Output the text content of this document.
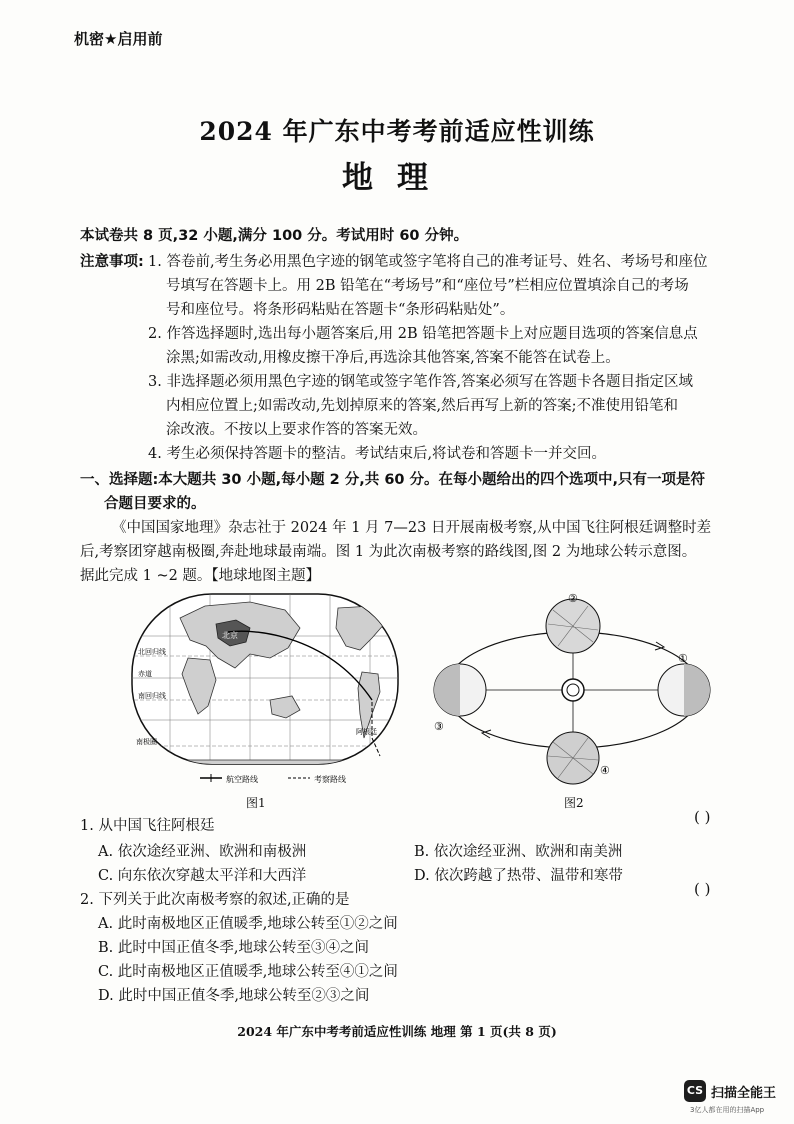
机密★启用前
2024 年广东中考考前适应性训练
地理
本试卷共 8 页,32 小题,满分 100 分。考试用时 60 分钟。
注意事项: 1. 答卷前,考生务必用黑色字迹的钢笔或签字笔将自己的准考证号、姓名、考场号和座位
号填写在答题卡上。用 2B 铅笔在“考场号”和“座位号”栏相应位置填涂自己的考场
号和座位号。将条形码粘贴在答题卡“条形码粘贴处”。
2. 作答选择题时,选出每小题答案后,用 2B 铅笔把答题卡上对应题目选项的答案信息点
涂黑;如需改动,用橡皮擦干净后,再选涂其他答案,答案不能答在试卷上。
3. 非选择题必须用黑色字迹的钢笔或签字笔作答,答案必须写在答题卡各题目指定区域
内相应位置上;如需改动,先划掉原来的答案,然后再写上新的答案;不准使用铅笔和
涂改液。不按以上要求作答的答案无效。
4. 考生必须保持答题卡的整洁。考试结束后,将试卷和答题卡一并交回。
一、选择题:本大题共 30 小题,每小题 2 分,共 60 分。在每小题给出的四个选项中,只有一项是符
合题目要求的。
《中国国家地理》杂志社于 2024 年 1 月 7—23 日开展南极考察,从中国飞往阿根廷调整时差
后,考察团穿越南极圈,奔赴地球最南端。图 1 为此次南极考察的路线图,图 2 为地球公转示意图。
据此完成 1 ~2 题。【地球地图主题】
北京
北回归线
赤道
南回归线
南极圈
阿根廷
航空路线	考察路线
图1
②
①
③
④
图2
1. 从中国飞往阿根廷	( )
A. 依次途经亚洲、欧洲和南极洲	B. 依次途经亚洲、欧洲和南美洲
C. 向东依次穿越太平洋和大西洋	D. 依次跨越了热带、温带和寒带
2. 下列关于此次南极考察的叙述,正确的是
( )
A. 此时南极地区正值暖季,地球公转至①②之间
B. 此时中国正值冬季,地球公转至③④之间
C. 此时南极地区正值暖季,地球公转至④①之间
D. 此时中国正值冬季,地球公转至②③之间
2024 年广东中考考前适应性训练 地理 第 1 页(共 8 页)
CS 扫描全能王
3亿人都在用的扫描App
